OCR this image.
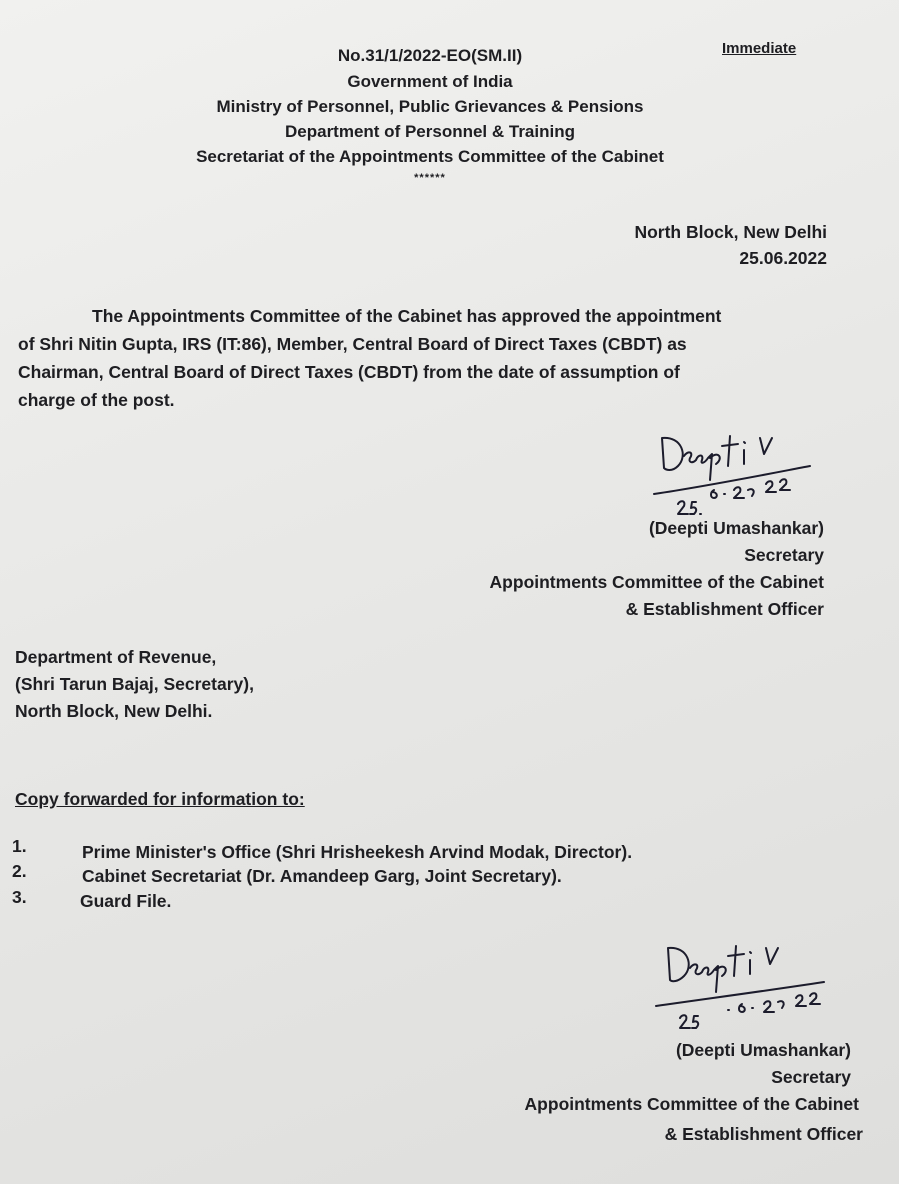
Immediate
No.31/1/2022-EO(SM.II)
Government of India
Ministry of Personnel, Public Grievances & Pensions
Department of Personnel & Training
Secretariat of the Appointments Committee of the Cabinet
******
North Block, New Delhi
25.06.2022
The Appointments Committee of the Cabinet has approved the appointment
of Shri Nitin Gupta, IRS (IT:86), Member, Central Board of Direct Taxes (CBDT) as
Chairman, Central Board of Direct Taxes (CBDT) from the date of assumption of
charge of the post.
(Deepti Umashankar)
Secretary
Appointments Committee of the Cabinet
& Establishment Officer
Department of Revenue,
(Shri Tarun Bajaj, Secretary),
North Block, New Delhi.
Copy forwarded for information to:
1.	Prime Minister's Office (Shri Hrisheekesh Arvind Modak, Director).
2.	Cabinet Secretariat (Dr. Amandeep Garg, Joint Secretary).
3.	Guard File.
(Deepti Umashankar)
Secretary
Appointments Committee of the Cabinet
& Establishment Officer
